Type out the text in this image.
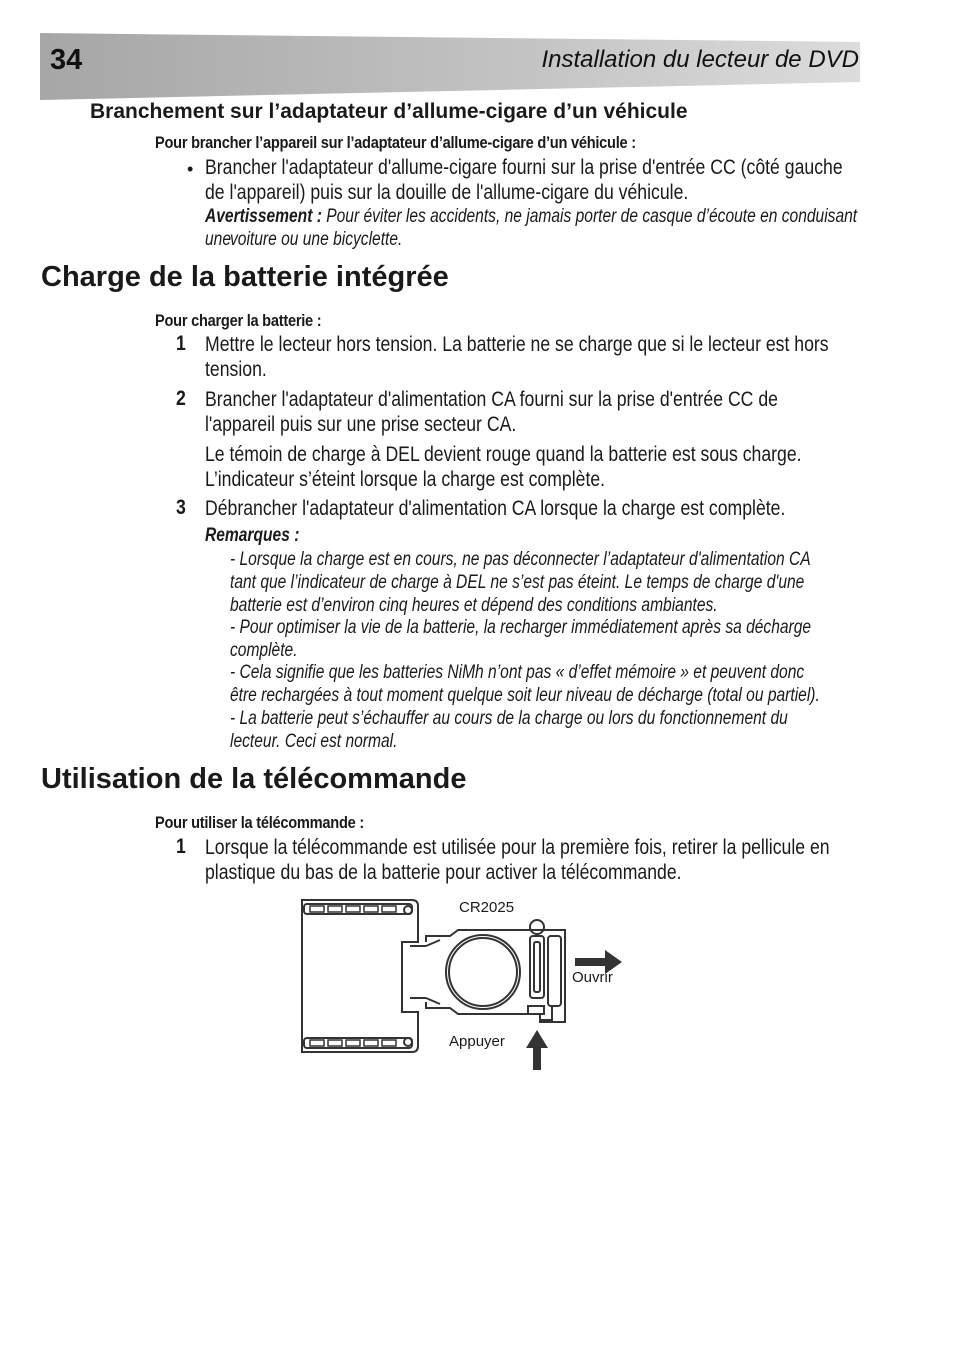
34	Installation du lecteur de DVD
Branchement sur l’adaptateur d’allume-cigare d’un véhicule
Pour brancher l’appareil sur l’adaptateur d’allume-cigare d’un véhicule :
• Brancher l'adaptateur d'allume-cigare fourni sur la prise d'entrée CC (côté gauche de l'appareil) puis sur la douille de l'allume-cigare du véhicule.
Avertissement : Pour éviter les accidents, ne jamais porter de casque d’écoute en conduisant une voiture ou une bicyclette.
Charge de la batterie intégrée
Pour charger la batterie :
1 Mettre le lecteur hors tension. La batterie ne se charge que si le lecteur est hors tension.
2 Brancher l'adaptateur d'alimentation CA fourni sur la prise d'entrée CC de l'appareil puis sur une prise secteur CA.
Le témoin de charge à DEL devient rouge quand la batterie est sous charge. L’indicateur s’éteint lorsque la charge est complète.
3 Débrancher l'adaptateur d'alimentation CA lorsque la charge est complète.
Remarques :
- Lorsque la charge est en cours, ne pas déconnecter l’adaptateur d'alimentation CA tant que l’indicateur de charge à DEL ne s’est pas éteint. Le temps de charge d'une batterie est d’environ cinq heures et dépend des conditions ambiantes.
- Pour optimiser la vie de la batterie, la recharger immédiatement après sa décharge complète.
- Cela signifie que les batteries NiMh n’ont pas « d’effet mémoire » et peuvent donc être rechargées à tout moment quelque soit leur niveau de décharge (total ou partiel).
- La batterie peut s’échauffer au cours de la charge ou lors du fonctionnement du lecteur. Ceci est normal.
Utilisation de la télécommande
Pour utiliser la télécommande :
1 Lorsque la télécommande est utilisée pour la première fois, retirer la pellicule en plastique du bas de la batterie pour activer la télécommande.
CR2025
Ouvrir
Appuyer
